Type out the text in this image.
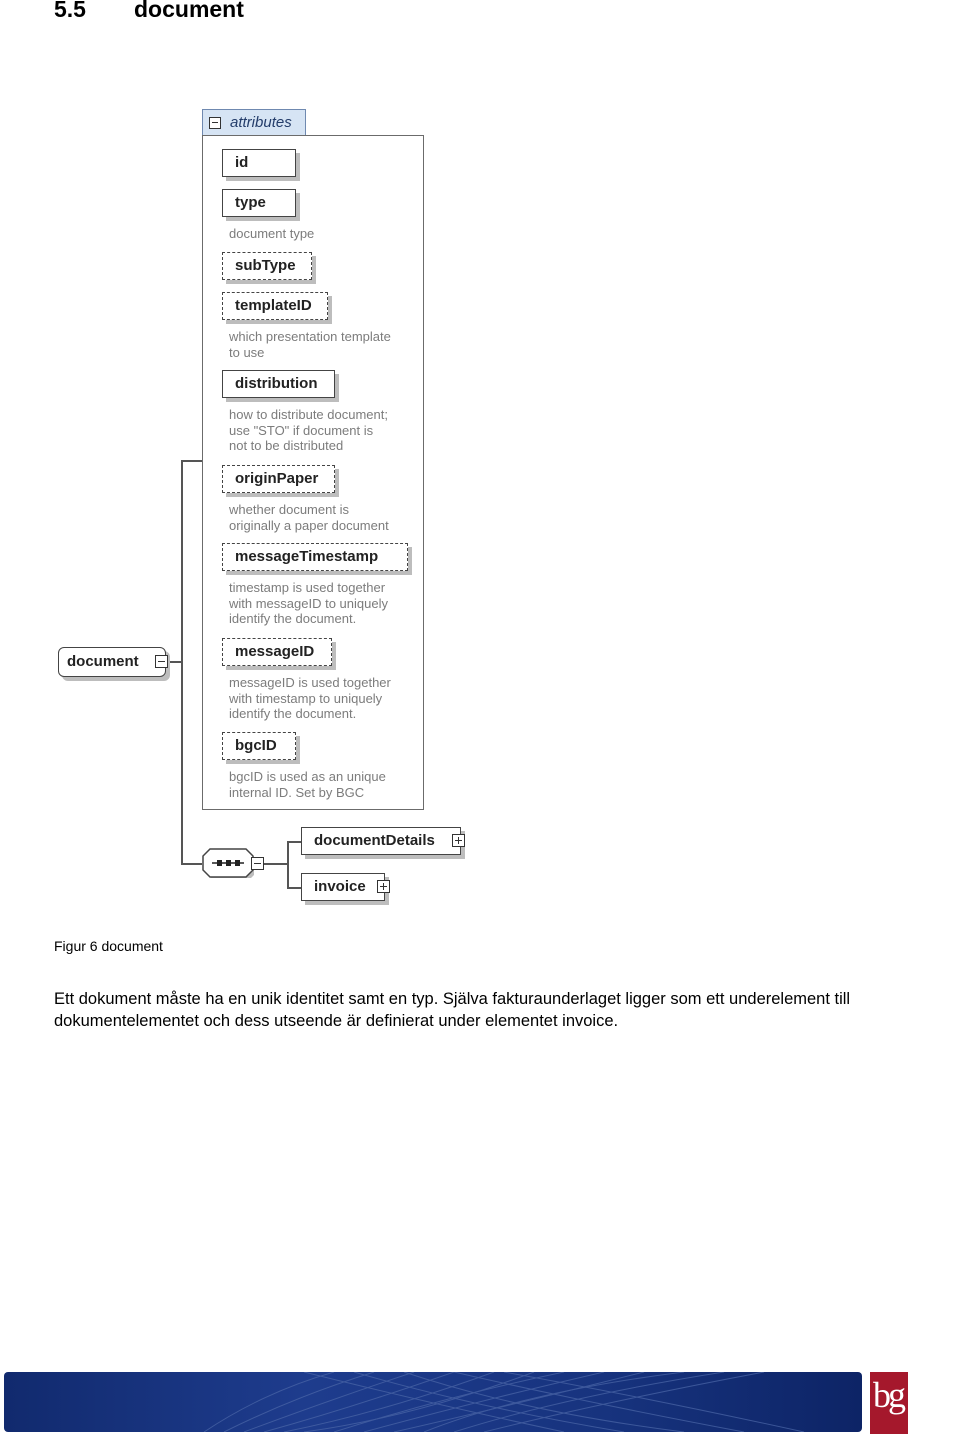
5.5 document
document
attributes
id
type
document type
subType
templateID
which presentation template
to use
distribution
how to distribute document;
use "STO" if document is
not to be distributed
originPaper
whether document is
originally a paper document
messageTimestamp
timestamp is used together
with messageID to uniquely
identify the document.
messageID
messageID is used together
with timestamp to uniquely
identify the document.
bgcID
bgcID is used as an unique
internal ID. Set by BGC
documentDetails
invoice
Figur 6 document
Ett dokument måste ha en unik identitet samt en typ. Själva fakturaunderlaget ligger som ett underelement till dokumentelementet och dess utseende är definierat under elementet invoice.
bg
